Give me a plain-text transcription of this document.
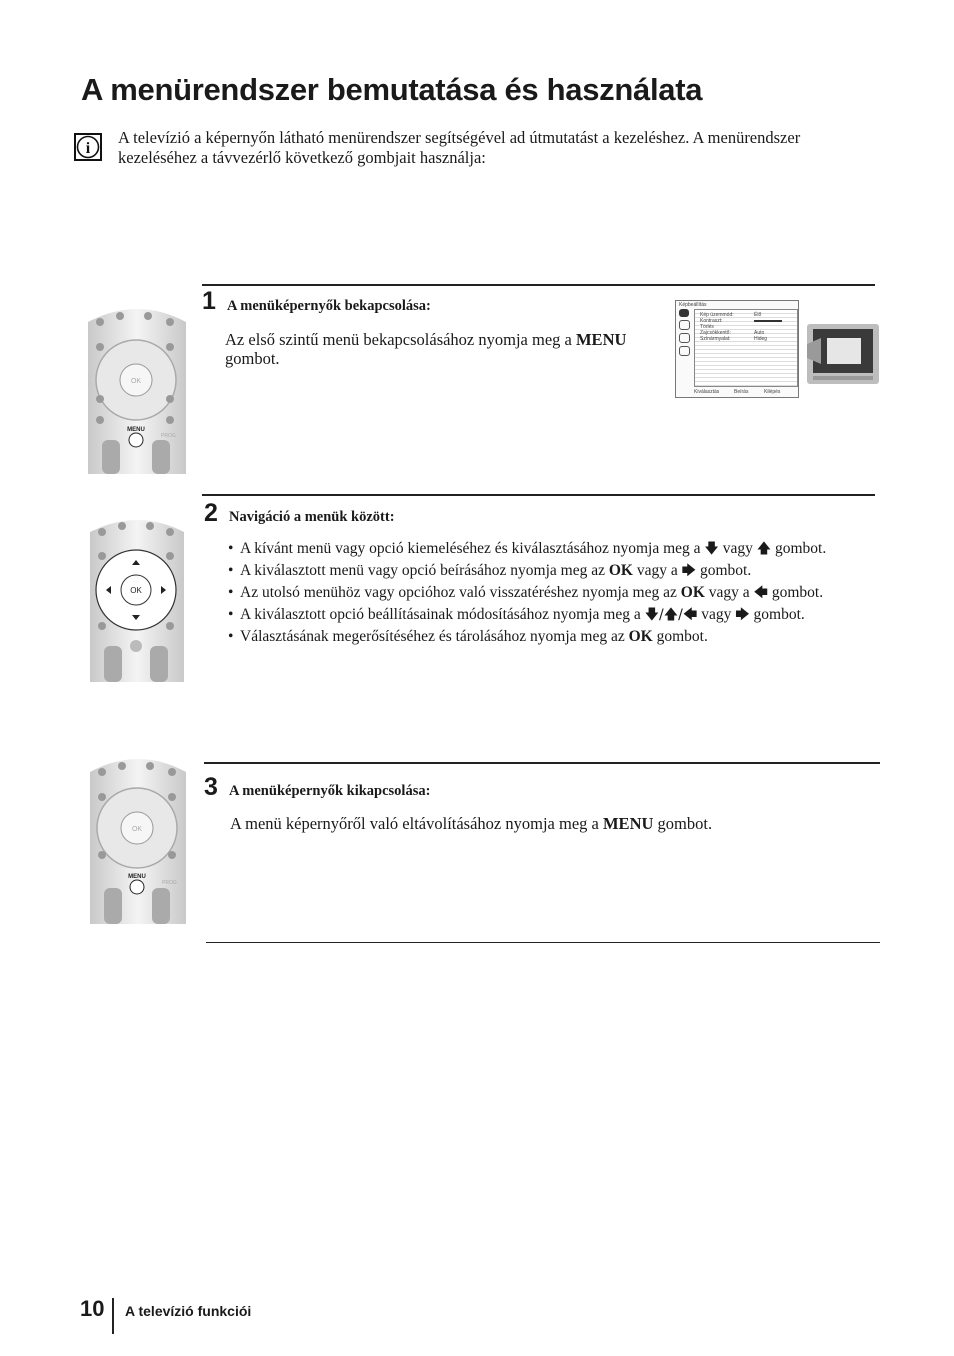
A menürendszer bemutatása és használata
i
A televízió a képernyőn látható menürendszer segítségével ad útmutatást a kezeléshez. A menürendszer kezeléséhez a távvezérlő következő gombjait használja:
OK
MENU
PROG
1 A menüképernyők bekapcsolása:
Az első szintű menü bekapcsolásához nyomja meg a MENU
gombot.
Képbeállítás
Kép üzemmód:	Élő
Kontraszt:
Törlés
Zajcsökkentő:	Auto
Színármyalat:	Hideg
Kiválasztás	Beírás	Kilépés
OK
2 Navigáció a menük között:
• A kívánt menü vagy opció kiemeléséhez és kiválasztásához nyomja meg a 🡇 vagy 🡅 gombot.
• A kiválasztott menü vagy opció beírásához nyomja meg az OK vagy a 🡆 gombot.
• Az utolsó menühöz vagy opcióhoz való visszatéréshez nyomja meg az OK vagy a 🡄 gombot.
• A kiválasztott opció beállításainak módosításához nyomja meg a 🡇/🡅/🡄 vagy 🡆 gombot.
• Választásának megerősítéséhez és tárolásához nyomja meg az OK gombot.
OK
MENU
PROG
3 A menüképernyők kikapcsolása:
A menü képernyőről való eltávolításához nyomja meg a MENU gombot.
10 A televízió funkciói
